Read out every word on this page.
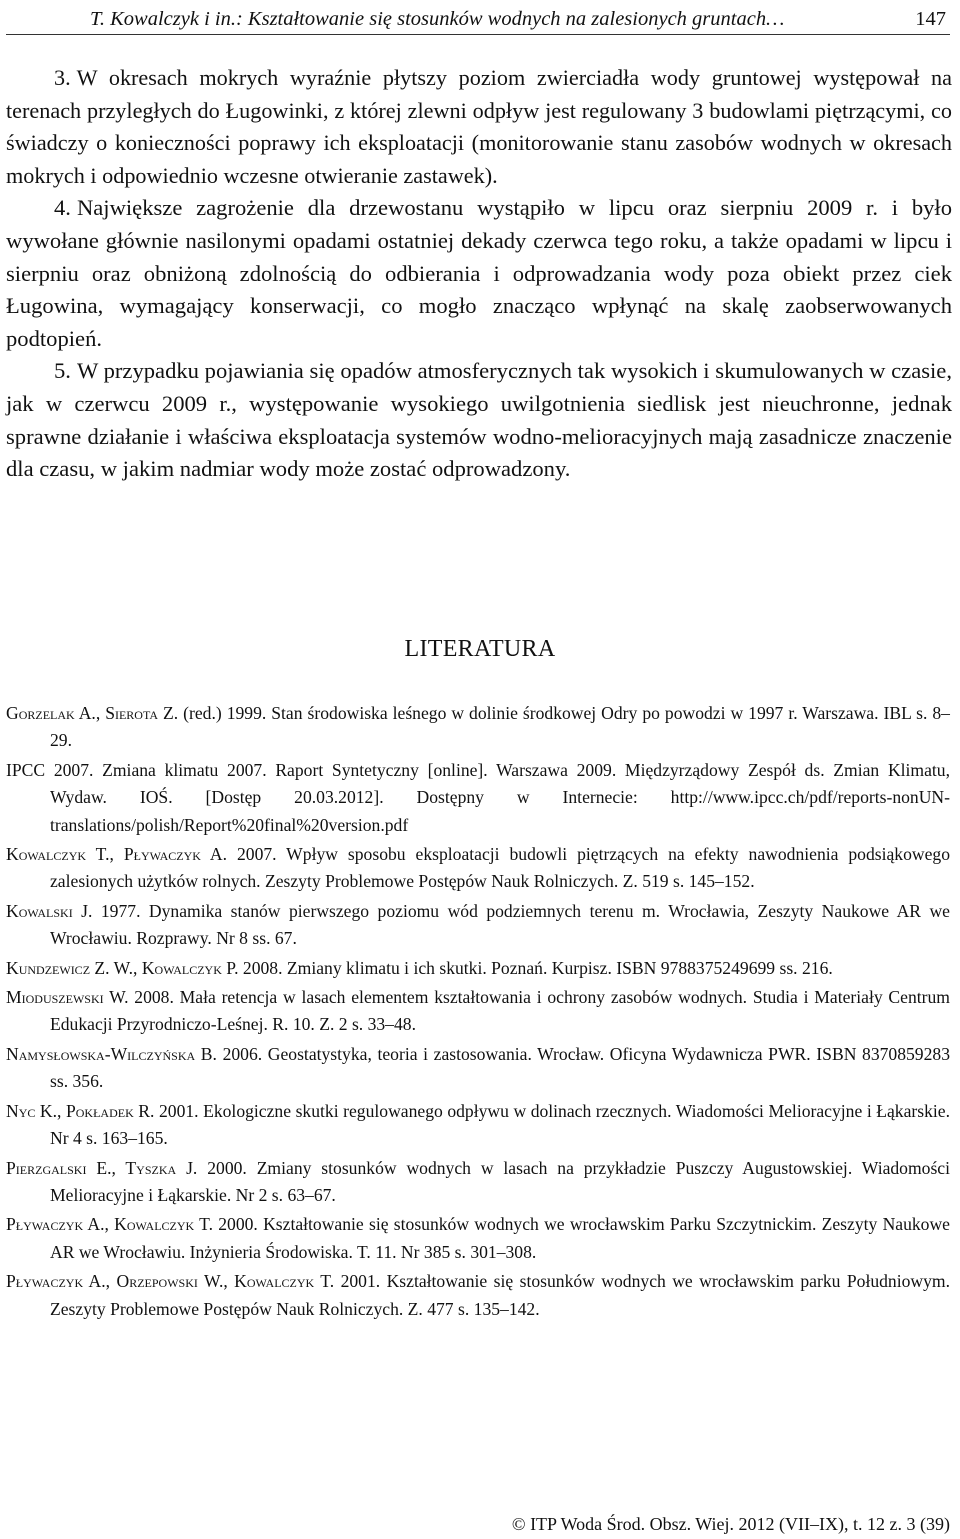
T. Kowalczyk i in.: Kształtowanie się stosunków wodnych na zalesionych gruntach…	147

3. W okresach mokrych wyraźnie płytszy poziom zwierciadła wody gruntowej występował na terenach przyległych do Ługowinki, z której zlewni odpływ jest regulowany 3 budowlami piętrzącymi, co świadczy o konieczności poprawy ich eksploatacji (monitorowanie stanu zasobów wodnych w okresach mokrych i odpowiednio wczesne otwieranie zastawek).

4. Największe zagrożenie dla drzewostanu wystąpiło w lipcu oraz sierpniu 2009 r. i było wywołane głównie nasilonymi opadami ostatniej dekady czerwca tego roku, a także opadami w lipcu i sierpniu oraz obniżoną zdolnością do odbierania i odprowadzania wody poza obiekt przez ciek Ługowina, wymagający konserwacji, co mogło znacząco wpłynąć na skalę zaobserwowanych podtopień.

5. W przypadku pojawiania się opadów atmosferycznych tak wysokich i skumulowanych w czasie, jak w czerwcu 2009 r., występowanie wysokiego uwilgotnienia siedlisk jest nieuchronne, jednak sprawne działanie i właściwa eksploatacja systemów wodno-melioracyjnych mają zasadnicze znaczenie dla czasu, w jakim nadmiar wody może zostać odprowadzony.

LITERATURA

Gorzelak A., Sierota Z. (red.) 1999. Stan środowiska leśnego w dolinie środkowej Odry po powodzi w 1997 r. Warszawa. IBL s. 8–29.

IPCC 2007. Zmiana klimatu 2007. Raport Syntetyczny [online]. Warszawa 2009. Międzyrządowy Zespół ds. Zmian Klimatu, Wydaw. IOŚ. [Dostęp 20.03.2012]. Dostępny w Internecie: http://www.ipcc.ch/pdf/reports-nonUN-translations/polish/Report%20final%20version.pdf

Kowalczyk T., Pływaczyk A. 2007. Wpływ sposobu eksploatacji budowli piętrzących na efekty nawodnienia podsiąkowego zalesionych użytków rolnych. Zeszyty Problemowe Postępów Nauk Rolniczych. Z. 519 s. 145–152.

Kowalski J. 1977. Dynamika stanów pierwszego poziomu wód podziemnych terenu m. Wrocławia, Zeszyty Naukowe AR we Wrocławiu. Rozprawy. Nr 8 ss. 67.

Kundzewicz Z. W., Kowalczyk P. 2008. Zmiany klimatu i ich skutki. Poznań. Kurpisz. ISBN 9788375249699 ss. 216.

Mioduszewski W. 2008. Mała retencja w lasach elementem kształtowania i ochrony zasobów wodnych. Studia i Materiały Centrum Edukacji Przyrodniczo-Leśnej. R. 10. Z. 2 s. 33–48.

Namysłowska-Wilczyńska B. 2006. Geostatystyka, teoria i zastosowania. Wrocław. Oficyna Wydawnicza PWR. ISBN 8370859283 ss. 356.

Nyc K., Pokładek R. 2001. Ekologiczne skutki regulowanego odpływu w dolinach rzecznych. Wiadomości Melioracyjne i Łąkarskie. Nr 4 s. 163–165.

Pierzgalski E., Tyszka J. 2000. Zmiany stosunków wodnych w lasach na przykładzie Puszczy Augustowskiej. Wiadomości Melioracyjne i Łąkarskie. Nr 2 s. 63–67.

Pływaczyk A., Kowalczyk T. 2000. Kształtowanie się stosunków wodnych we wrocławskim Parku Szczytnickim. Zeszyty Naukowe AR we Wrocławiu. Inżynieria Środowiska. T. 11. Nr 385 s. 301–308.

Pływaczyk A., Orzepowski W., Kowalczyk T. 2001. Kształtowanie się stosunków wodnych we wrocławskim parku Południowym. Zeszyty Problemowe Postępów Nauk Rolniczych. Z. 477 s. 135–142.

© ITP Woda Środ. Obsz. Wiej. 2012 (VII–IX), t. 12 z. 3 (39)
